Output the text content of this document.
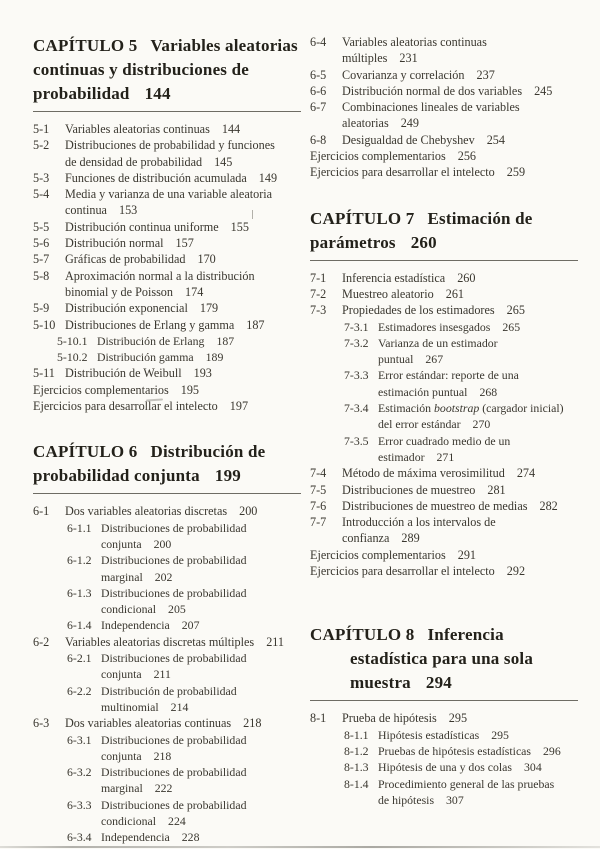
CAPÍTULO 5 Variables aleatorias
continuas y distribuciones de
probabilidad 144
5-1	Variables aleatorias continuas 144
5-2	Distribuciones de probabilidad y funciones
de densidad de probabilidad 145
5-3	Funciones de distribución acumulada 149
5-4	Media y varianza de una variable aleatoria
continua 153
5-5	Distribución continua uniforme 155
5-6	Distribución normal 157
5-7	Gráficas de probabilidad 170
5-8	Aproximación normal a la distribución
binomial y de Poisson 174
5-9	Distribución exponencial 179
5-10 Distribuciones de Erlang y gamma 187
5-10.1 Distribución de Erlang 187
5-10.2 Distribución gamma 189
5-11 Distribución de Weibull 193
Ejercicios complementarios 195
Ejercicios para desarrollar el intelecto 197
CAPÍTULO 6 Distribución de
probabilidad conjunta 199
6-1	Dos variables aleatorias discretas 200
6-1.1 Distribuciones de probabilidad
conjunta 200
6-1.2 Distribuciones de probabilidad
marginal 202
6-1.3 Distribuciones de probabilidad
condicional 205
6-1.4 Independencia 207
6-2	Variables aleatorias discretas múltiples 211
6-2.1 Distribuciones de probabilidad
conjunta 211
6-2.2 Distribución de probabilidad
multinomial 214
6-3	Dos variables aleatorias continuas 218
6-3.1 Distribuciones de probabilidad
conjunta 218
6-3.2 Distribuciones de probabilidad
marginal 222
6-3.3 Distribuciones de probabilidad
condicional 224
6-3.4 Independencia 228
6-4	Variables aleatorias continuas
múltiples 231
6-5	Covarianza y correlación 237
6-6	Distribución normal de dos variables 245
6-7	Combinaciones lineales de variables
aleatorias 249
6-8	Desigualdad de Chebyshev 254
Ejercicios complementarios 256
Ejercicios para desarrollar el intelecto 259
CAPÍTULO 7 Estimación de
parámetros 260
7-1	Inferencia estadística 260
7-2	Muestreo aleatorio 261
7-3	Propiedades de los estimadores 265
7-3.1 Estimadores insesgados 265
7-3.2 Varianza de un estimador
puntual 267
7-3.3 Error estándar: reporte de una
estimación puntual 268
7-3.4 Estimación bootstrap (cargador inicial)
del error estándar 270
7-3.5 Error cuadrado medio de un
estimador 271
7-4	Método de máxima verosimilitud 274
7-5	Distribuciones de muestreo 281
7-6	Distribuciones de muestreo de medias 282
7-7	Introducción a los intervalos de
confianza 289
Ejercicios complementarios 291
Ejercicios para desarrollar el intelecto 292
CAPÍTULO 8 Inferencia
estadística para una sola
muestra 294
8-1	Prueba de hipótesis 295
8-1.1 Hipótesis estadísticas 295
8-1.2 Pruebas de hipótesis estadísticas 296
8-1.3 Hipótesis de una y dos colas 304
8-1.4 Procedimiento general de las pruebas
de hipótesis 307
